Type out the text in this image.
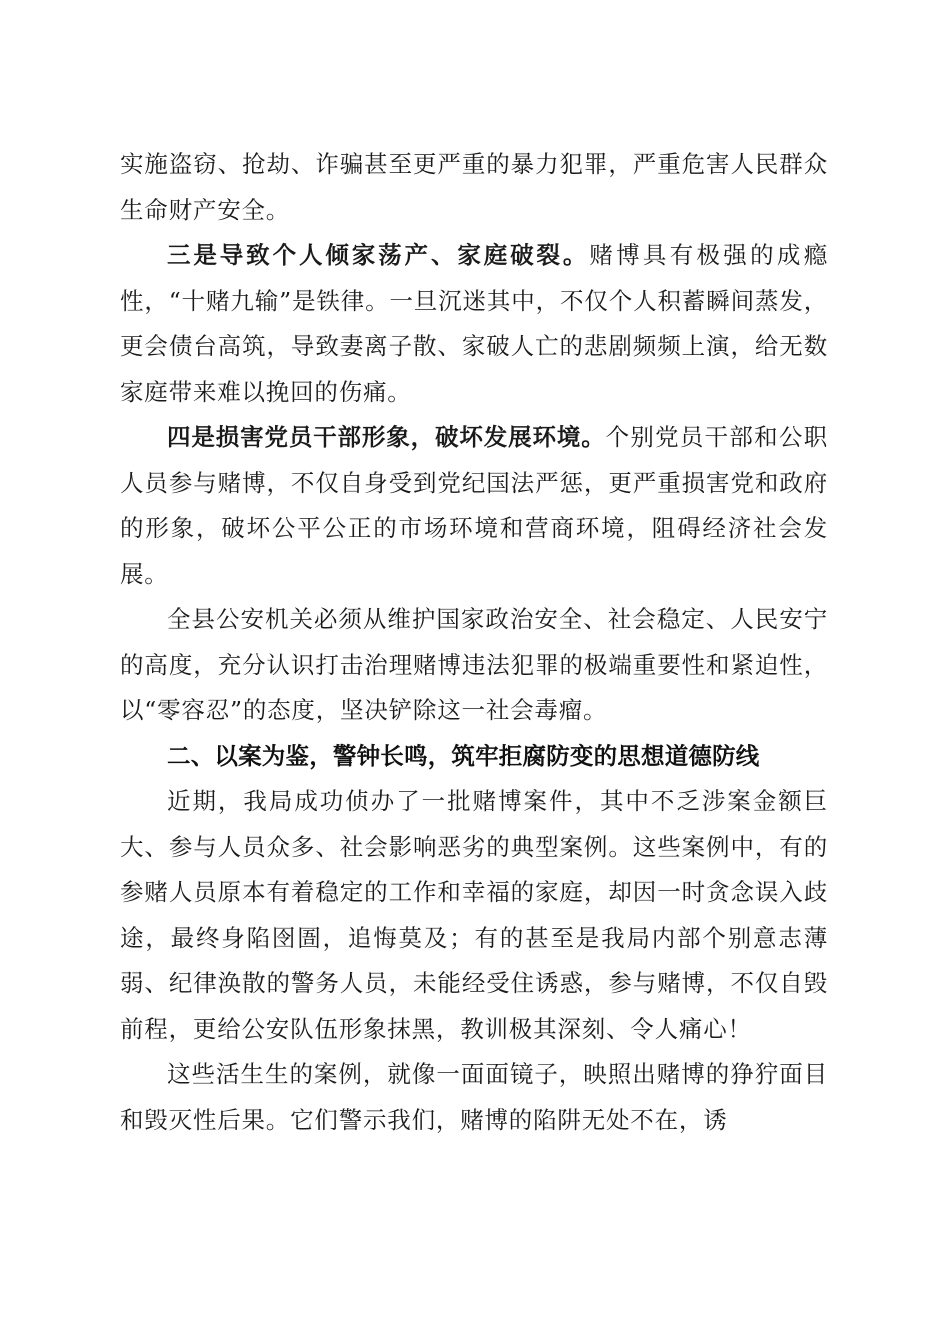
实施盗窃、抢劫、诈骗甚至更严重的暴力犯罪，严重危害人民群众生命财产安全。

三是导致个人倾家荡产、家庭破裂。赌博具有极强的成瘾性，“十赌九输”是铁律。一旦沉迷其中，不仅个人积蓄瞬间蒸发，更会债台高筑，导致妻离子散、家破人亡的悲剧频频上演，给无数家庭带来难以挽回的伤痛。

四是损害党员干部形象，破坏发展环境。个别党员干部和公职人员参与赌博，不仅自身受到党纪国法严惩，更严重损害党和政府的形象，破坏公平公正的市场环境和营商环境，阻碍经济社会发展。

全县公安机关必须从维护国家政治安全、社会稳定、人民安宁的高度，充分认识打击治理赌博违法犯罪的极端重要性和紧迫性，以“零容忍”的态度，坚决铲除这一社会毒瘤。

二、以案为鉴，警钟长鸣，筑牢拒腐防变的思想道德防线

近期，我局成功侦办了一批赌博案件，其中不乏涉案金额巨大、参与人员众多、社会影响恶劣的典型案例。这些案例中，有的参赌人员原本有着稳定的工作和幸福的家庭，却因一时贪念误入歧途，最终身陷囹圄，追悔莫及；有的甚至是我局内部个别意志薄弱、纪律涣散的警务人员，未能经受住诱惑，参与赌博，不仅自毁前程，更给公安队伍形象抹黑，教训极其深刻、令人痛心！

这些活生生的案例，就像一面面镜子，映照出赌博的狰狞面目和毁灭性后果。它们警示我们，赌博的陷阱无处不在，诱
